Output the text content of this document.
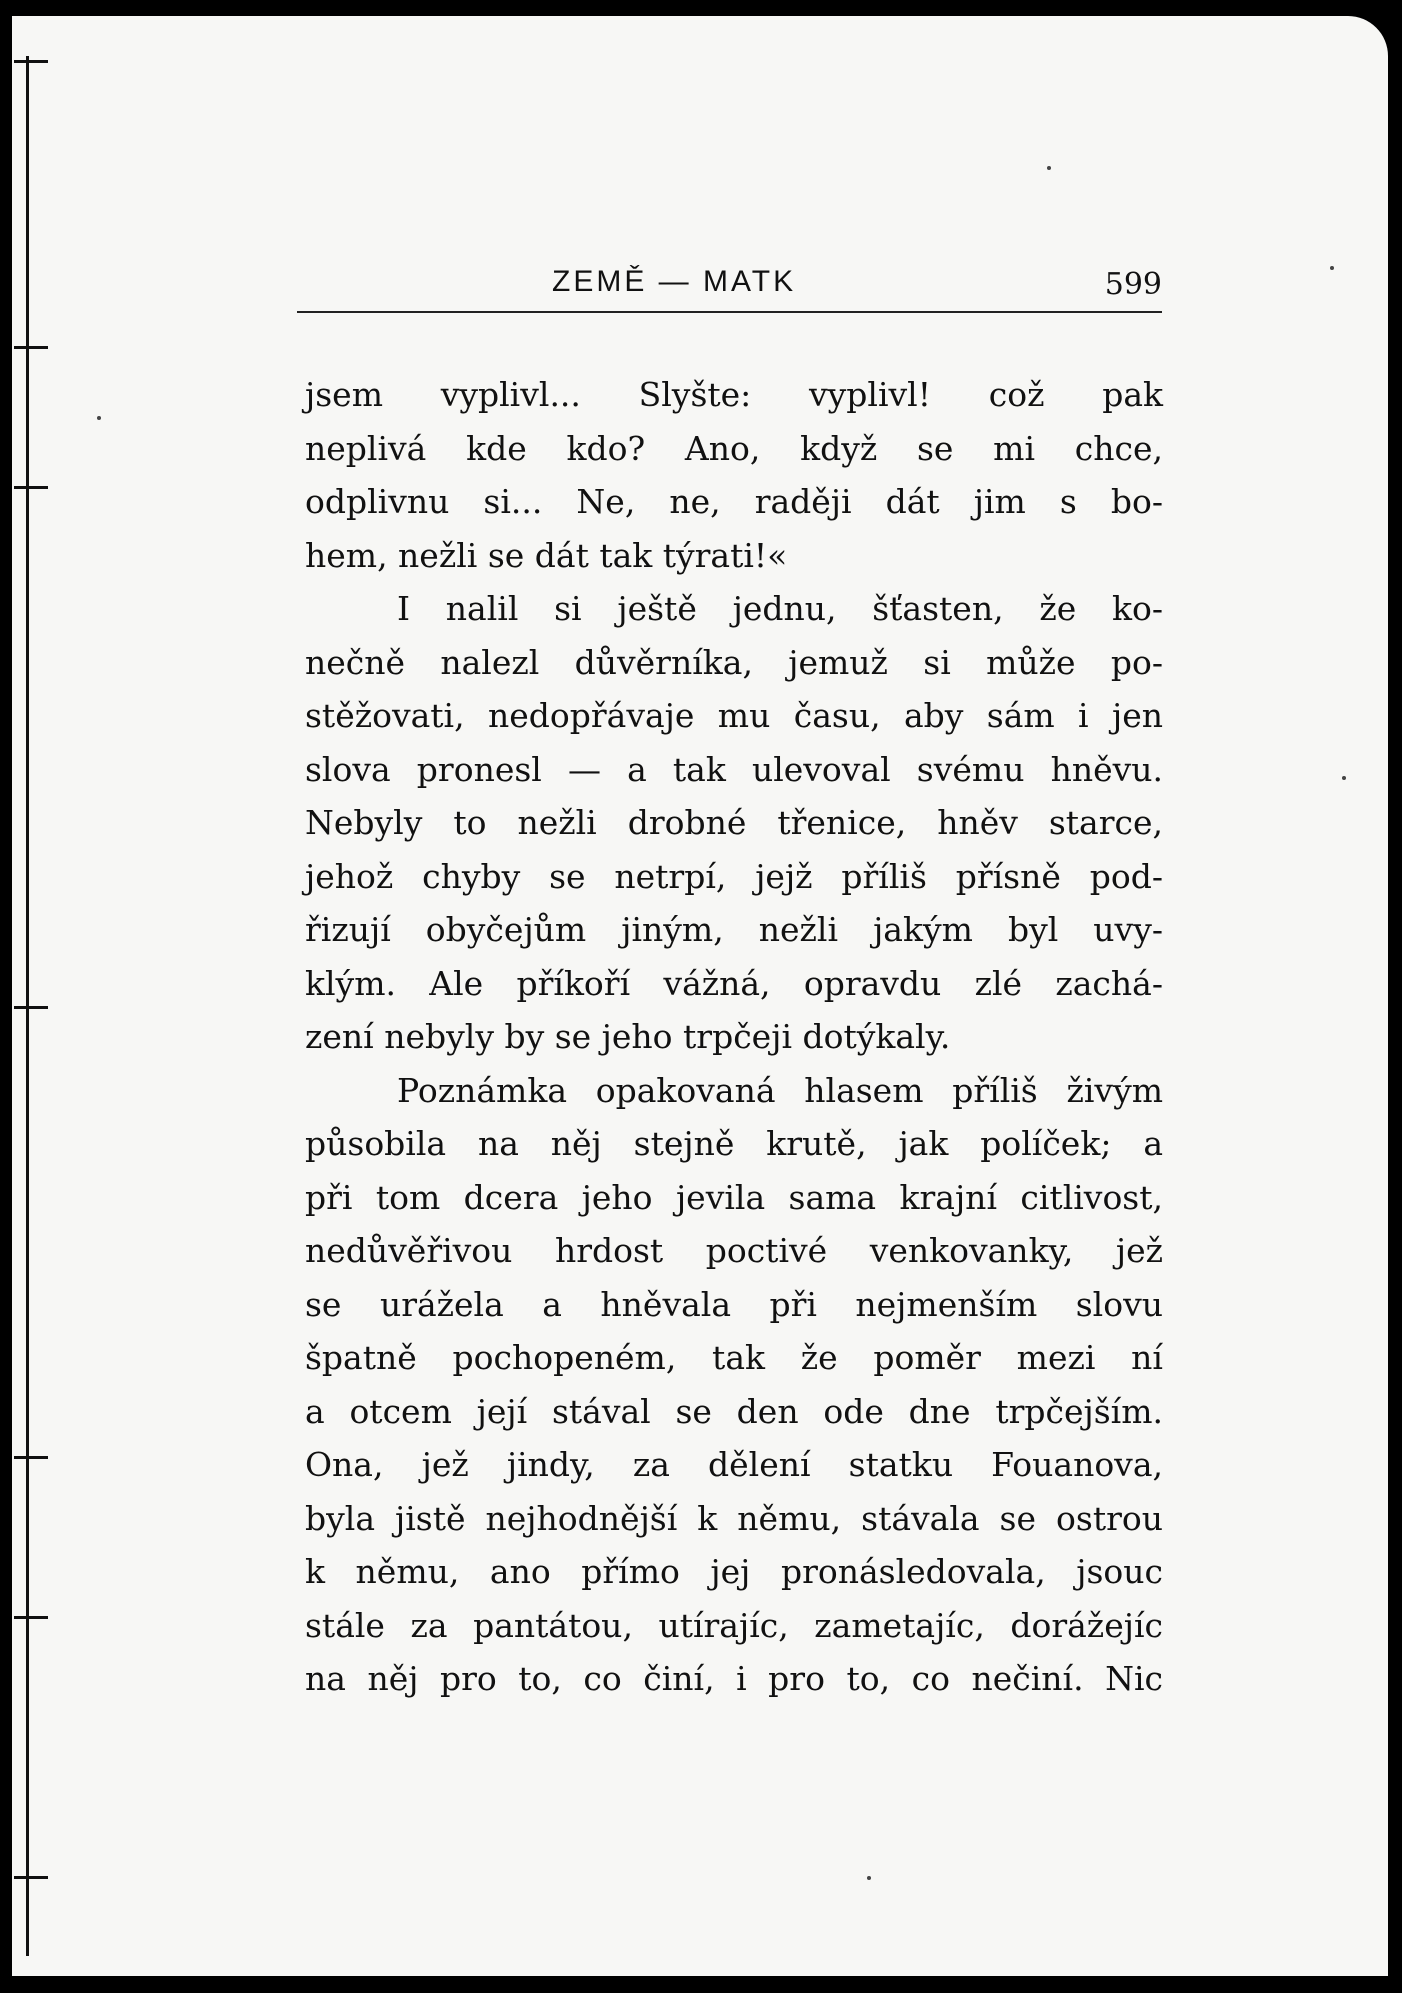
ZEMĚ — MATK	599
jsem vyplivl... Slyšte: vyplivl! což pak
neplivá kde kdo? Ano, když se mi chce,
odplivnu si... Ne, ne, raději dát jim s bo-
hem, nežli se dát tak týrati!«
I nalil si ještě jednu, šťasten, že ko-
nečně nalezl důvěrníka, jemuž si může po-
stěžovati, nedopřávaje mu času, aby sám i jen
slova pronesl — a tak ulevoval svému hněvu.
Nebyly to nežli drobné třenice, hněv starce,
jehož chyby se netrpí, jejž příliš přísně pod-
řizují obyčejům jiným, nežli jakým byl uvy-
klým. Ale příkoří vážná, opravdu zlé zachá-
zení nebyly by se jeho trpčeji dotýkaly.
Poznámka opakovaná hlasem příliš živým
působila na něj stejně krutě, jak políček; a
při tom dcera jeho jevila sama krajní citlivost,
nedůvěřivou hrdost poctivé venkovanky, jež
se urážela a hněvala při nejmenším slovu
špatně pochopeném, tak že poměr mezi ní
a otcem její stával se den ode dne trpčejším.
Ona, jež jindy, za dělení statku Fouanova,
byla jistě nejhodnější k němu, stávala se ostrou
k němu, ano přímo jej pronásledovala, jsouc
stále za pantátou, utírajíc, zametajíc, dorážejíc
na něj pro to, co činí, i pro to, co nečiní. Nic
